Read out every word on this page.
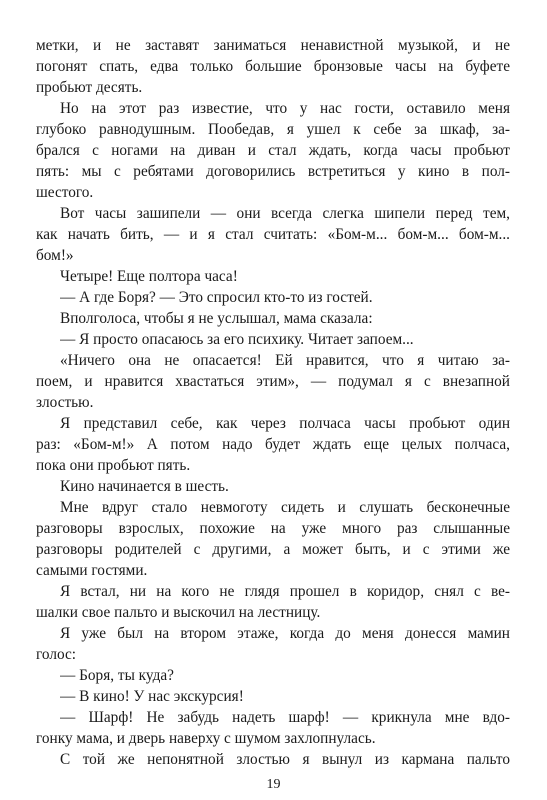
метки, и не заставят заниматься ненавистной музыкой, и не
погонят спать, едва только большие бронзовые часы на буфете
пробьют десять.
Но на этот раз известие, что у нас гости, оставило меня
глубоко равнодушным. Пообедав, я ушел к себе за шкаф, за-
брался с ногами на диван и стал ждать, когда часы пробьют
пять: мы с ребятами договорились встретиться у кино в пол-
шестого.
Вот часы зашипели — они всегда слегка шипели перед тем,
как начать бить, — и я стал считать: «Бом-м... бом-м... бом-м...
бом!»
Четыре! Еще полтора часа!
— А где Боря? — Это спросил кто-то из гостей.
Вполголоса, чтобы я не услышал, мама сказала:
— Я просто опасаюсь за его психику. Читает запоем...
«Ничего она не опасается! Ей нравится, что я читаю за-
поем, и нравится хвастаться этим», — подумал я с внезапной
злостью.
Я представил себе, как через полчаса часы пробьют один
раз: «Бом-м!» А потом надо будет ждать еще целых полчаса,
пока они пробьют пять.
Кино начинается в шесть.
Мне вдруг стало невмоготу сидеть и слушать бесконечные
разговоры взрослых, похожие на уже много раз слышанные
разговоры родителей с другими, а может быть, и с этими же
самыми гостями.
Я встал, ни на кого не глядя прошел в коридор, снял с ве-
шалки свое пальто и выскочил на лестницу.
Я уже был на втором этаже, когда до меня донесся мамин
голос:
— Боря, ты куда?
— В кино! У нас экскурсия!
— Шарф! Не забудь надеть шарф! — крикнула мне вдо-
гонку мама, и дверь наверху с шумом захлопнулась.
С той же непонятной злостью я вынул из кармана пальто
19
